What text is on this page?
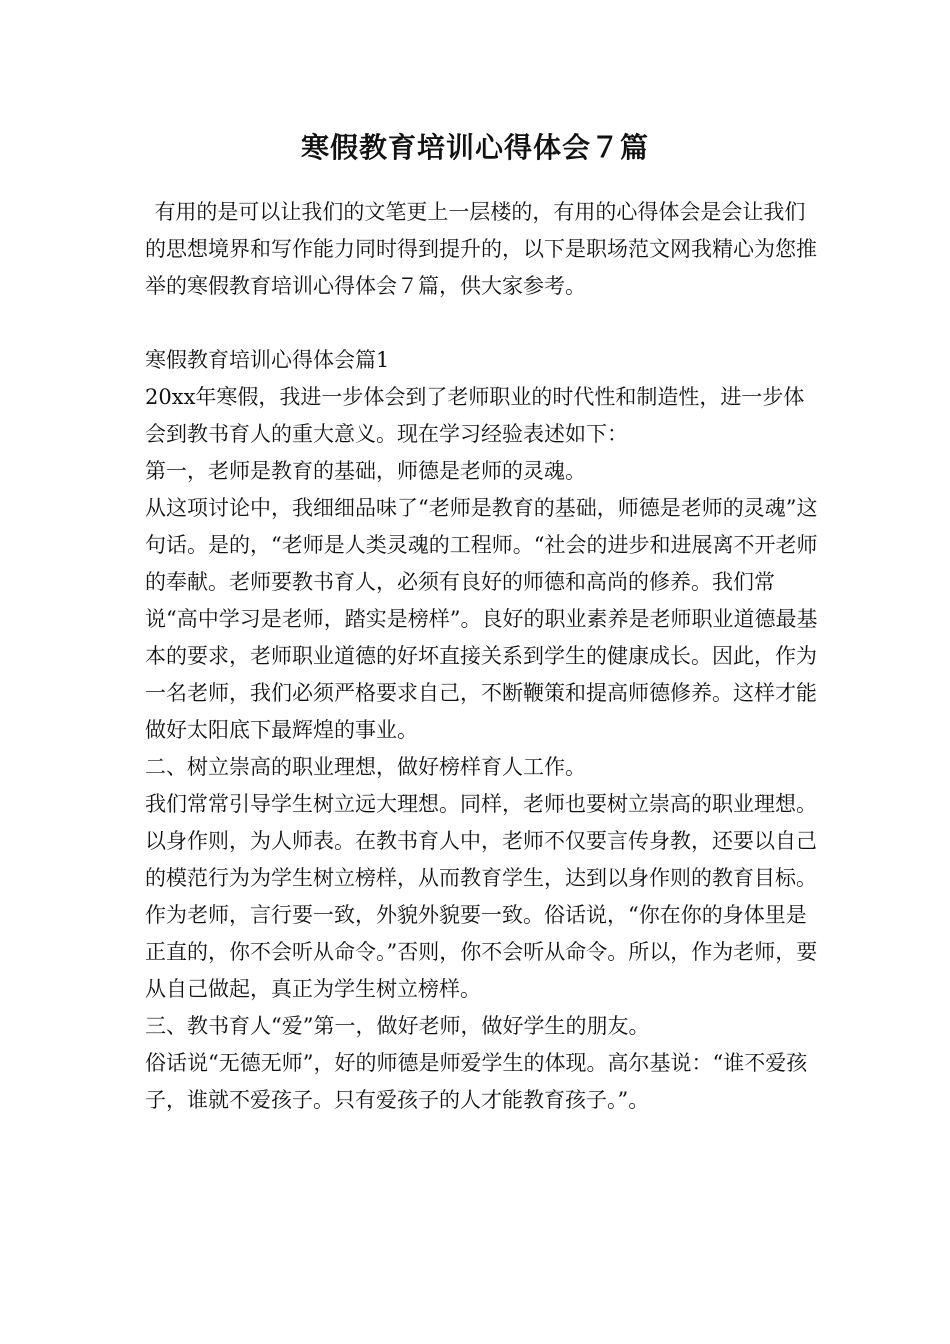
寒假教育培训心得体会７篇

有用的是可以让我们的文笔更上一层楼的，有用的心得体会是会让我们的思想境界和写作能力同时得到提升的，以下是职场范文网我精心为您推举的寒假教育培训心得体会７篇，供大家参考。

寒假教育培训心得体会篇1

20xx年寒假，我进一步体会到了老师职业的时代性和制造性，进一步体会到教书育人的重大意义。现在学习经验表述如下：

第一，老师是教育的基础，师德是老师的灵魂。

从这项讨论中，我细细品味了“老师是教育的基础，师德是老师的灵魂”这句话。是的，“老师是人类灵魂的工程师。“社会的进步和进展离不开老师的奉献。老师要教书育人，必须有良好的师德和高尚的修养。我们常说“高中学习是老师，踏实是榜样”。良好的职业素养是老师职业道德最基本的要求，老师职业道德的好坏直接关系到学生的健康成长。因此，作为一名老师，我们必须严格要求自己，不断鞭策和提高师德修养。这样才能做好太阳底下最辉煌的事业。

二、树立崇高的职业理想，做好榜样育人工作。

我们常常引导学生树立远大理想。同样，老师也要树立崇高的职业理想。以身作则，为人师表。在教书育人中，老师不仅要言传身教，还要以自己的模范行为为学生树立榜样，从而教育学生，达到以身作则的教育目标。作为老师，言行要一致，外貌外貌要一致。俗话说，“你在你的身体里是正直的，你不会听从命令。”否则，你不会听从命令。所以，作为老师，要从自己做起，真正为学生树立榜样。

三、教书育人“爱”第一，做好老师，做好学生的朋友。

俗话说“无德无师”，好的师德是师爱学生的体现。高尔基说：“谁不爱孩子，谁就不爱孩子。只有爱孩子的人才能教育孩子。”。
